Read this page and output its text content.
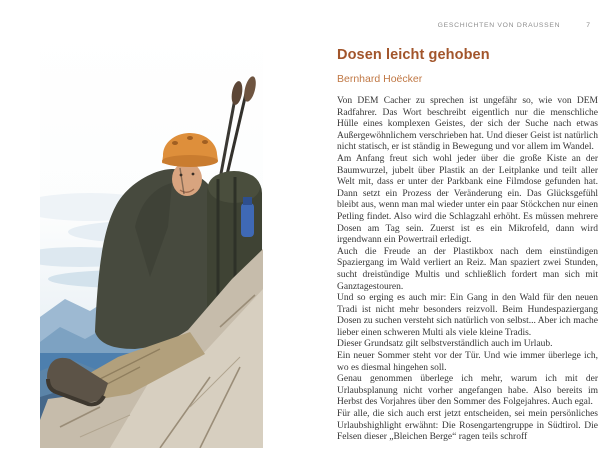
GESCHICHTEN VON DRAUSSEN	7
Dosen leicht gehoben

Bernhard Hoëcker

Von DEM Cacher zu sprechen ist ungefähr so, wie von DEM Radfahrer. Das Wort beschreibt eigentlich nur die menschliche Hülle eines komplexen Geistes, der sich der Suche nach etwas Außergewöhnlichem verschrieben hat. Und dieser Geist ist natürlich nicht statisch, er ist ständig in Bewegung und vor allem im Wandel.

Am Anfang freut sich wohl jeder über die große Kiste an der Baumwurzel, jubelt über Plastik an der Leitplanke und teilt aller Welt mit, dass er unter der Parkbank eine Filmdose gefunden hat. Dann setzt ein Prozess der Veränderung ein. Das Glücksgefühl bleibt aus, wenn man mal wieder unter ein paar Stöckchen nur einen Petling findet. Also wird die Schlagzahl erhöht. Es müssen mehrere Dosen am Tag sein. Zuerst ist es ein Mikrofeld, dann wird irgendwann ein Powertrail erledigt.

Auch die Freude an der Plastikbox nach dem einstündigen Spaziergang im Wald verliert an Reiz. Man spaziert zwei Stunden, sucht dreistündige Multis und schließlich fordert man sich mit Ganztagestouren.

Und so erging es auch mir: Ein Gang in den Wald für den neuen Tradi ist nicht mehr besonders reizvoll. Beim Hundespaziergang Dosen zu suchen versteht sich natürlich von selbst... Aber ich mache lieber einen schweren Multi als viele kleine Tradis.

Dieser Grundsatz gilt selbstverständlich auch im Urlaub.

Ein neuer Sommer steht vor der Tür. Und wie immer überlege ich, wo es diesmal hingehen soll.

Genau genommen überlege ich mehr, warum ich mit der Urlaubsplanung nicht vorher angefangen habe. Also bereits im Herbst des Vorjahres über den Sommer des Folgejahres. Auch egal.

Für alle, die sich auch erst jetzt entscheiden, sei mein persönliches Urlaubshighlight erwähnt: Die Rosengartengruppe in Südtirol. Die Felsen dieser „Bleichen Berge“ ragen teils schroff
